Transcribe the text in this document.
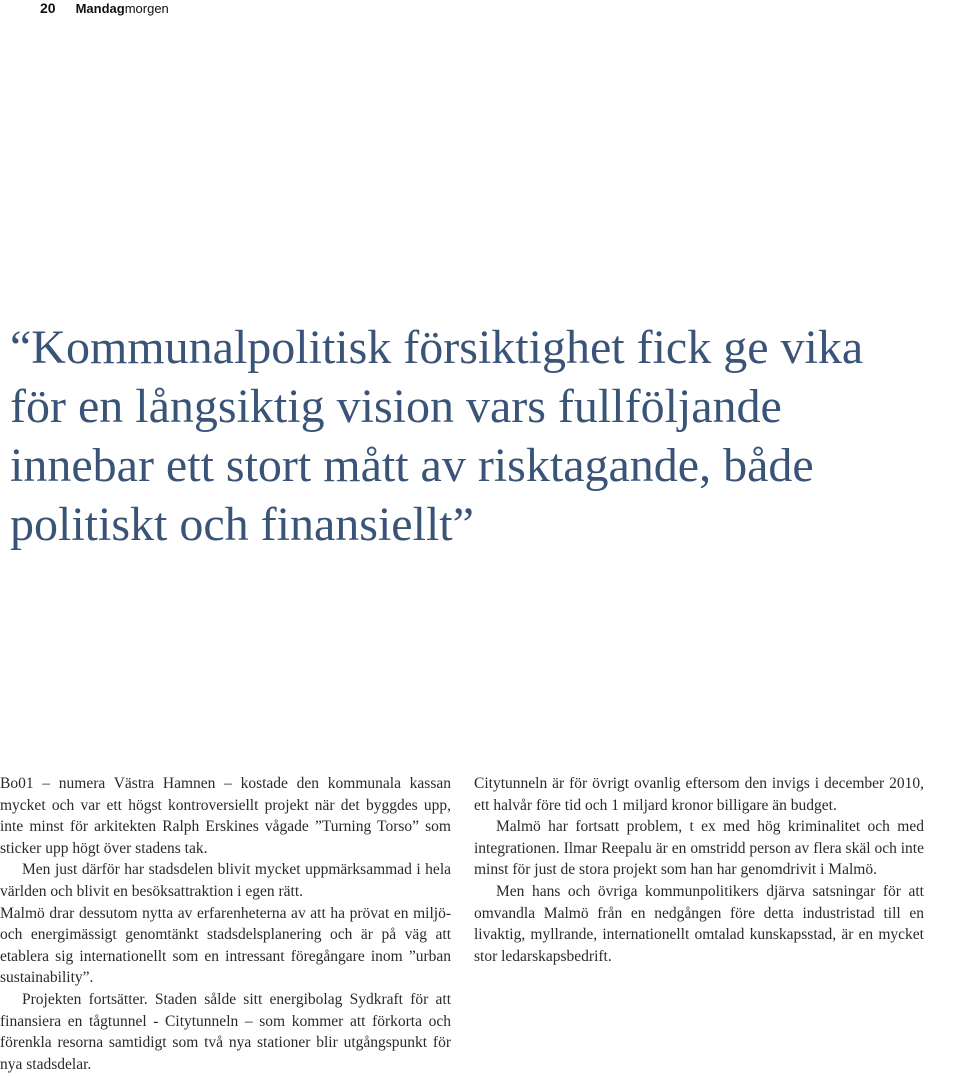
20 Mandagmorgen
“Kommunalpolitisk försiktighet fick ge vika
för en långsiktig vision vars fullföljande
innebar ett stort mått av risktagande, både
politiskt och finansiellt”

Bo01 – numera Västra Hamnen – kostade den kommunala kassan mycket och var ett högst kontroversiellt projekt när det byggdes upp, inte minst för arkitekten Ralph Erskines vågade ”Turning Torso” som sticker upp högt över stadens tak.

Men just därför har stadsdelen blivit mycket uppmärksammad i hela världen och blivit en besöksattraktion i egen rätt.

Malmö drar dessutom nytta av erfarenheterna av att ha prövat en miljö- och energimässigt genomtänkt stadsdelsplanering och är på väg att etablera sig internationellt som en intressant föregångare inom ”urban sustainability”.

Projekten fortsätter. Staden sålde sitt energibolag Sydkraft för att finansiera en tågtunnel - Citytunneln – som kommer att förkorta och förenkla resorna samtidigt som två nya stationer blir utgångspunkt för nya stadsdelar.

Citytunneln är för övrigt ovanlig eftersom den invigs i december 2010, ett halvår före tid och 1 miljard kronor billigare än budget.

Malmö har fortsatt problem, t ex med hög kriminalitet och med integrationen. Ilmar Reepalu är en omstridd person av flera skäl och inte minst för just de stora projekt som han har genomdrivit i Malmö.

Men hans och övriga kommunpolitikers djärva satsningar för att omvandla Malmö från en nedgången före detta industristad till en livaktig, myllrande, internationellt omtalad kunskapsstad, är en mycket stor ledarskapsbedrift.
